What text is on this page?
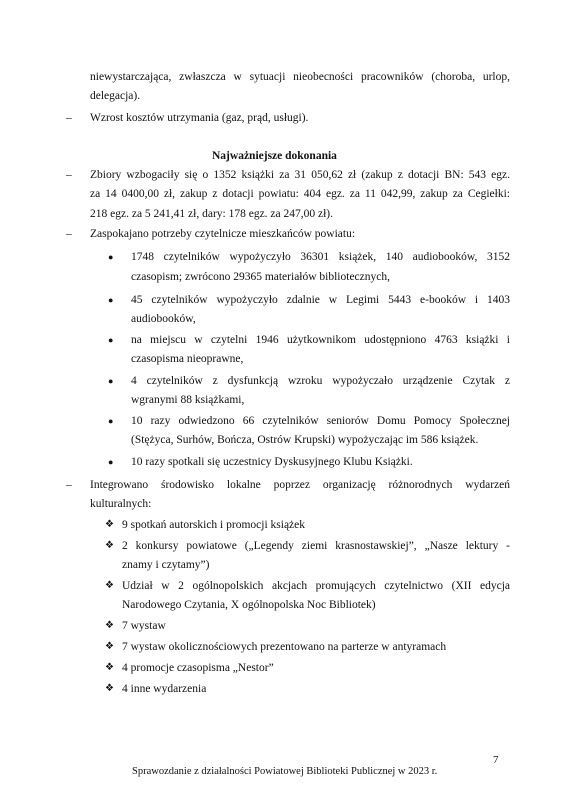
niewystarczająca, zwłaszcza w sytuacji nieobecności pracowników (choroba, urlop,
delegacja).
– Wzrost kosztów utrzymania (gaz, prąd, usługi).
Najważniejsze dokonania
– Zbiory wzbogaciły się o 1352 książki za 31 050,62 zł (zakup z dotacji BN: 543 egz.
za 14 0400,00 zł, zakup z dotacji powiatu: 404 egz. za 11 042,99, zakup za Cegiełki:
218 egz. za 5 241,41 zł, dary: 178 egz. za 247,00 zł).
– Zaspokajano potrzeby czytelnicze mieszkańców powiatu:
● 1748 czytelników wypożyczyło 36301 książek, 140 audiobooków, 3152
czasopism; zwrócono 29365 materiałów bibliotecznych,
● 45 czytelników wypożyczyło zdalnie w Legimi 5443 e-booków i 1403
audiobooków,
● na miejscu w czytelni 1946 użytkownikom udostępniono 4763 książki i
czasopisma nieoprawne,
● 4 czytelników z dysfunkcją wzroku wypożyczało urządzenie Czytak z
wgranymi 88 książkami,
● 10 razy odwiedzono 66 czytelników seniorów Domu Pomocy Społecznej
(Stężyca, Surhów, Bończa, Ostrów Krupski) wypożyczając im 586 książek.
● 10 razy spotkali się uczestnicy Dyskusyjnego Klubu Książki.
– Integrowano środowisko lokalne poprzez organizację różnorodnych wydarzeń
kulturalnych:
❖ 9 spotkań autorskich i promocji książek
❖ 2 konkursy powiatowe („Legendy ziemi krasnostawskiej”, „Nasze lektury -
znamy i czytamy”)
❖ Udział w 2 ogólnopolskich akcjach promujących czytelnictwo (XII edycja
Narodowego Czytania, X ogólnopolska Noc Bibliotek)
❖ 7 wystaw
❖ 7 wystaw okolicznościowych prezentowano na parterze w antyramach
❖ 4 promocje czasopisma „Nestor”
❖ 4 inne wydarzenia
7
Sprawozdanie z działalności Powiatowej Biblioteki Publicznej w 2023 r.
